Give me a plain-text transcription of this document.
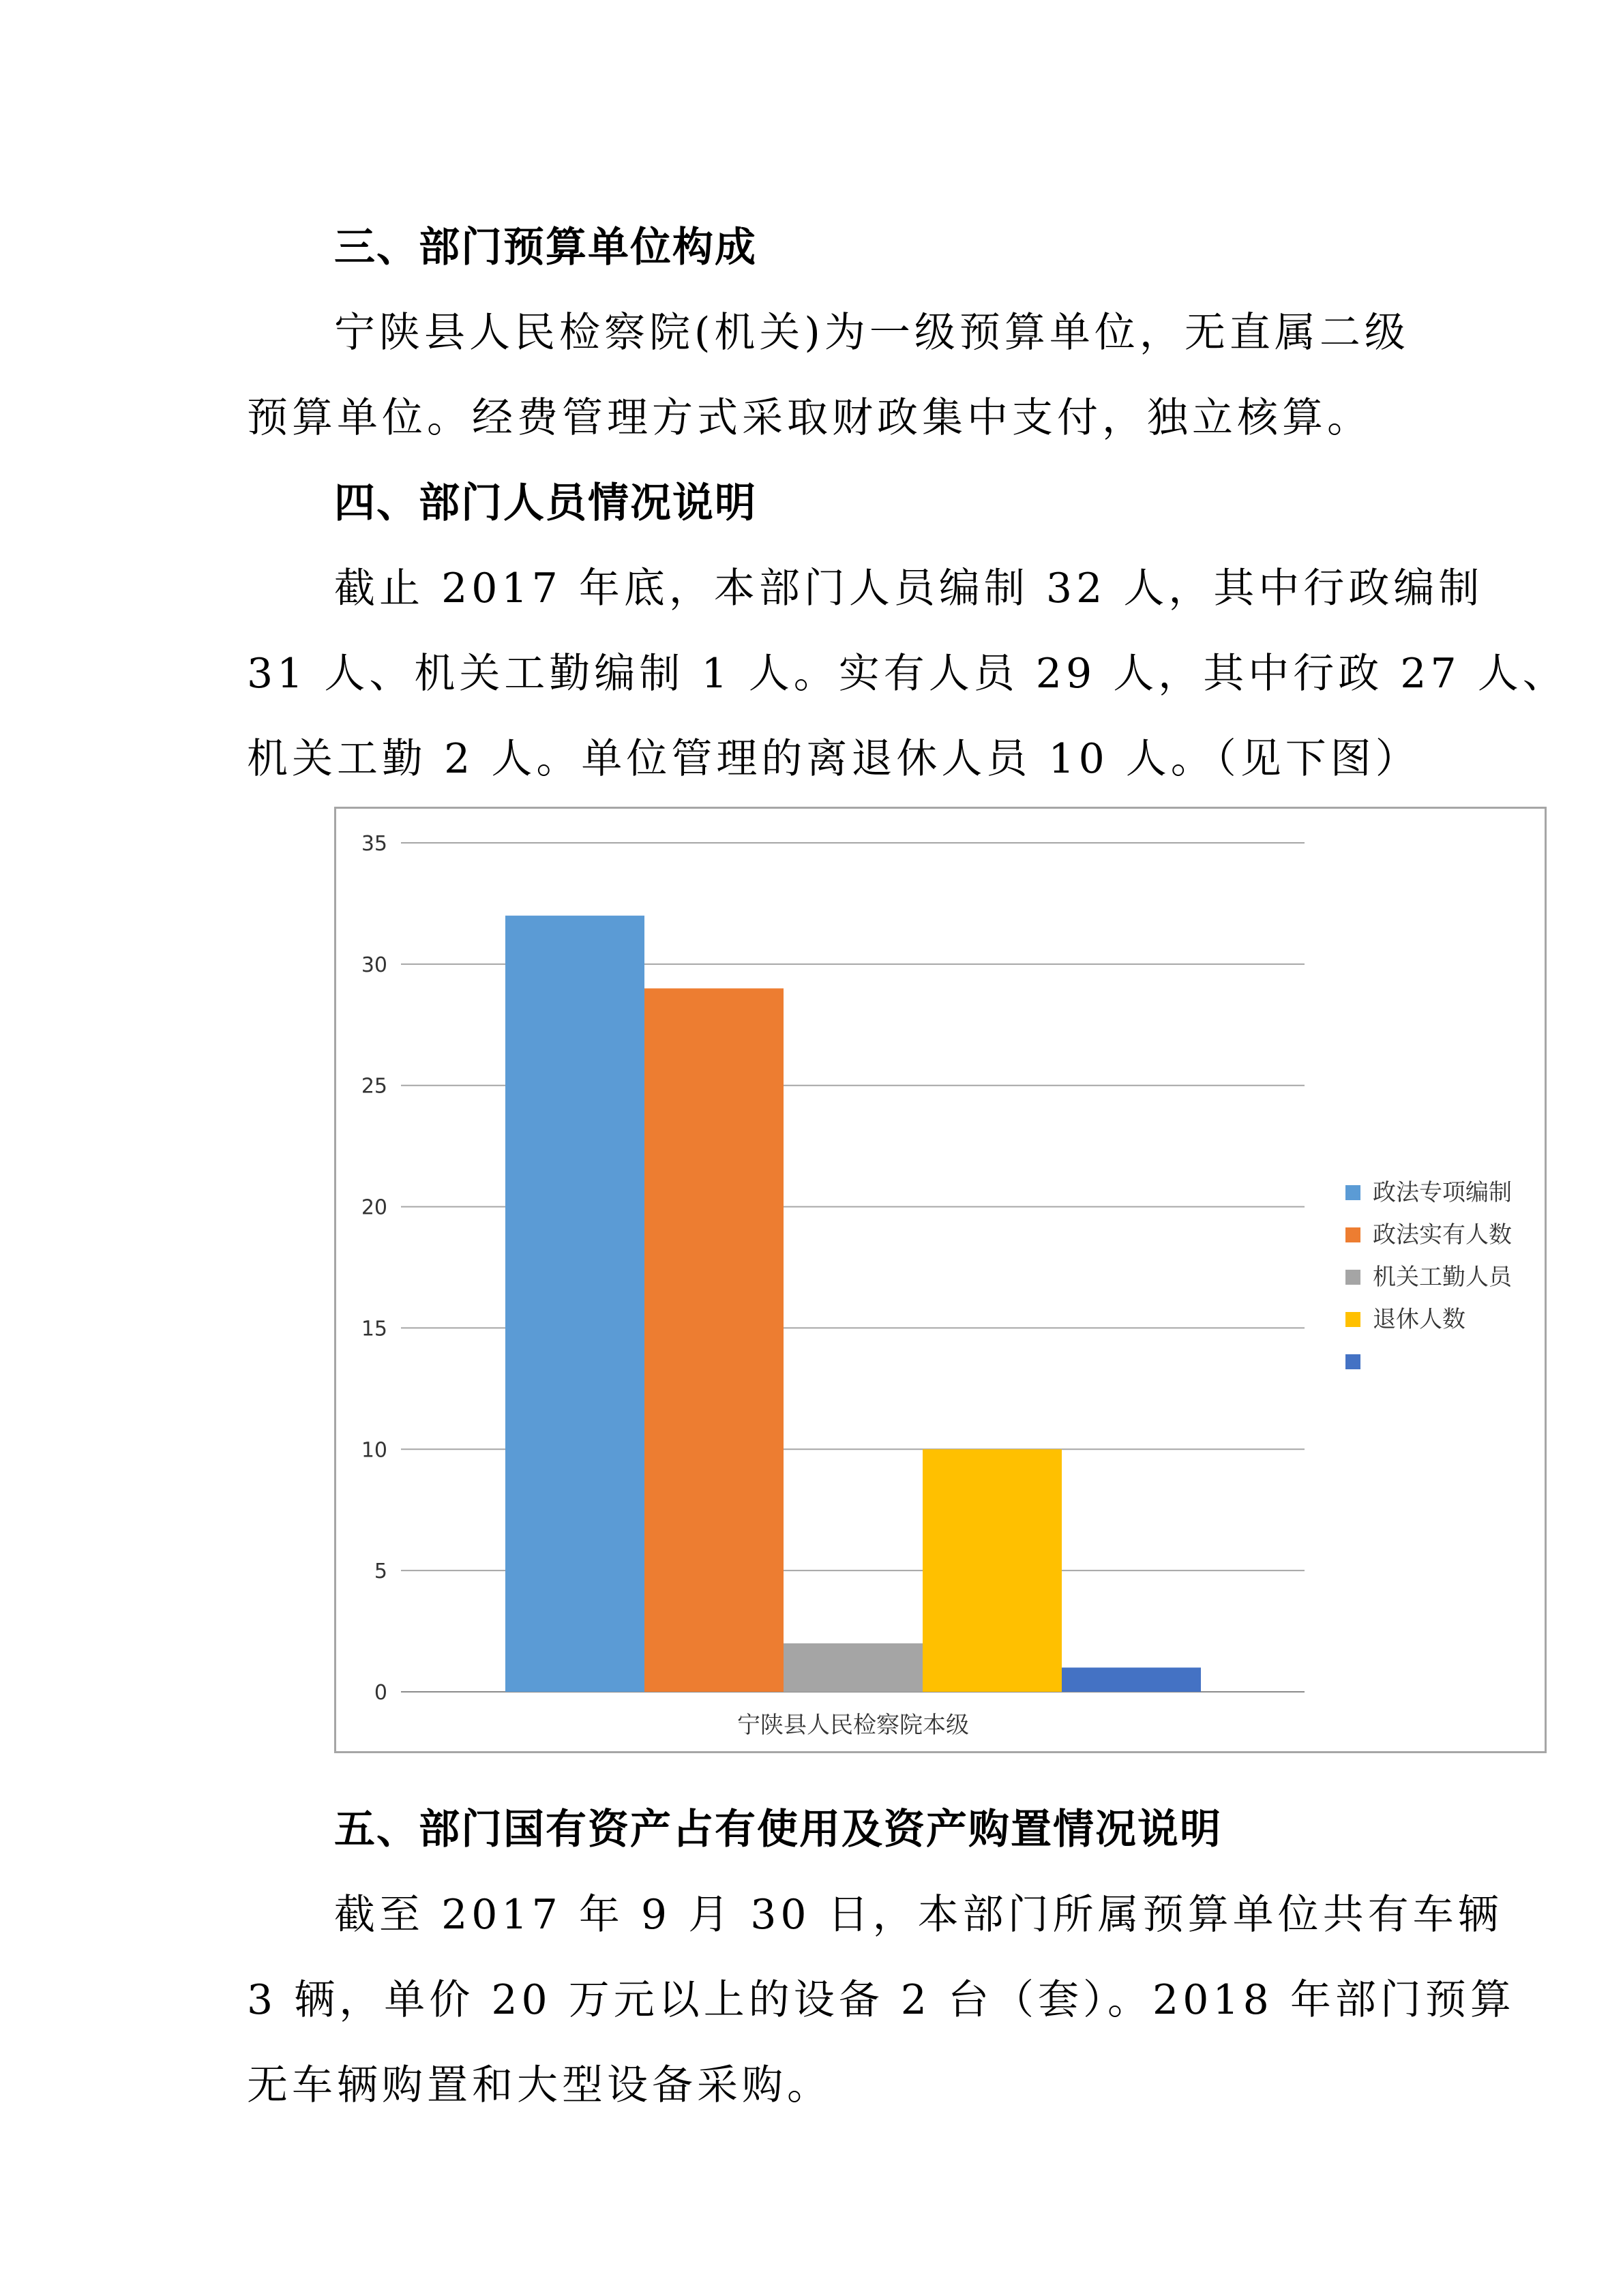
三、部门预算单位构成
宁陕县人民检察院(机关)为一级预算单位，无直属二级
预算单位。经费管理方式采取财政集中支付，独立核算。
四、部门人员情况说明
截止 2017 年底，本部门人员编制 32 人，其中行政编制
31 人、机关工勤编制 1 人。实有人员 29 人，其中行政 27 人、
机关工勤 2 人。单位管理的离退休人员 10 人。（见下图）
0
5
10
15
20
25
30
35
宁陕县人民检察院本级
政法专项编制
政法实有人数
机关工勤人员
退休人数
五、部门国有资产占有使用及资产购置情况说明
截至 2017 年 9 月 30 日，本部门所属预算单位共有车辆
3 辆，单价 20 万元以上的设备 2 台（套）。2018 年部门预算
无车辆购置和大型设备采购。
